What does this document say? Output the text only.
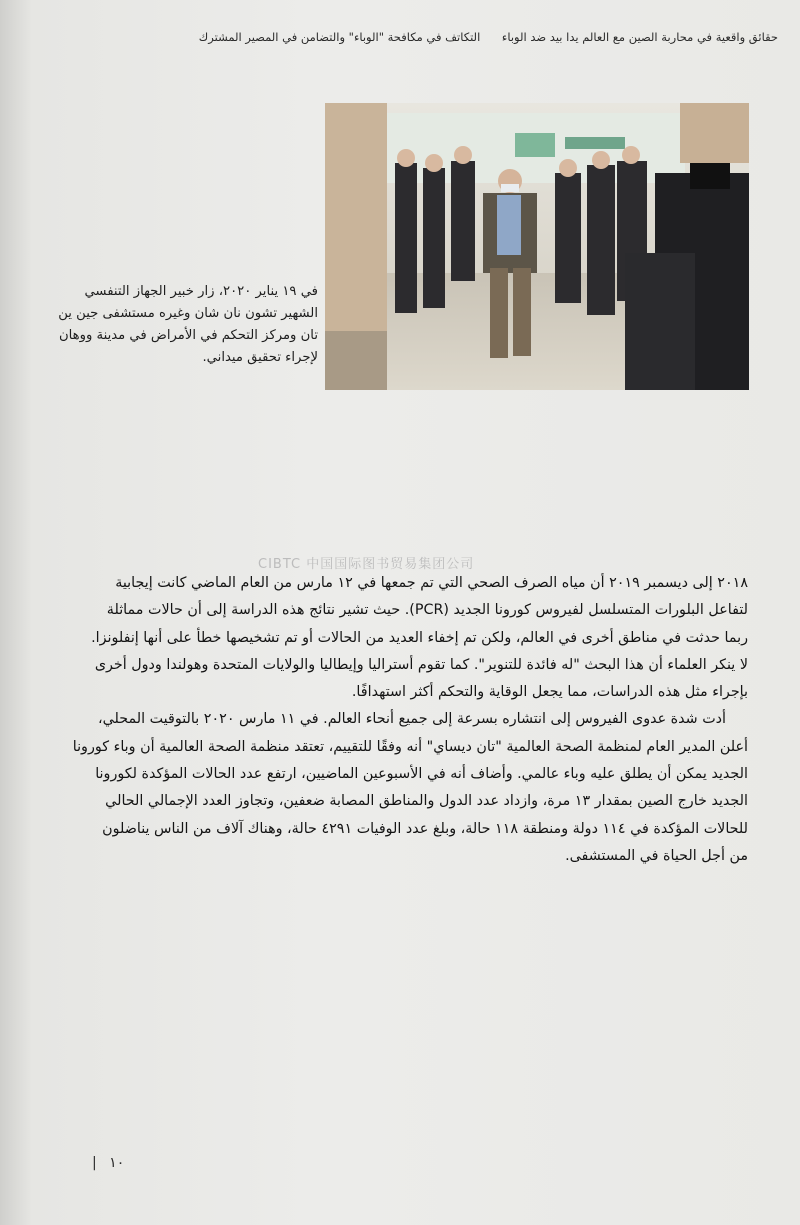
حقائق واقعية في محاربة الصين مع العالم يدا بيد ضد الوباء التكاتف في مكافحة "الوباء" والتضامن في المصير المشترك

في ١٩ يناير ٢٠٢٠، زار خبير الجهاز التنفسي

الشهير تشون نان شان وغيره مستشفى جين ين

تان ومركز التحكم في الأمراض في مدينة ووهان

لإجراء تحقيق ميداني.

CIBTC 中国国际图书贸易集团公司
٢٠١٨ إلى ديسمبر ٢٠١٩ أن مياه الصرف الصحي التي تم جمعها في ١٢ مارس من العام الماضي كانت إيجابية
لتفاعل البلورات المتسلسل لفيروس كورونا الجديد (PCR). حيث تشير نتائج هذه الدراسة إلى أن حالات مماثلة
ربما حدثت في مناطق أخرى في العالم، ولكن تم إخفاء العديد من الحالات أو تم تشخيصها خطأ على أنها إنفلونزا.
لا ينكر العلماء أن هذا البحث "له فائدة للتنوير". كما تقوم أستراليا وإيطاليا والولايات المتحدة وهولندا ودول أخرى
بإجراء مثل هذه الدراسات، مما يجعل الوقاية والتحكم أكثر استهدافًا.
أدت شدة عدوى الفيروس إلى انتشاره بسرعة إلى جميع أنحاء العالم. في ١١ مارس ٢٠٢٠ بالتوقيت المحلي،
أعلن المدير العام لمنظمة الصحة العالمية "تان ديساي" أنه وفقًا للتقييم، تعتقد منظمة الصحة العالمية أن وباء كورونا
الجديد يمكن أن يطلق عليه وباء عالمي. وأضاف أنه في الأسبوعين الماضيين، ارتفع عدد الحالات المؤكدة لكورونا
الجديد خارج الصين بمقدار ١٣ مرة، وازداد عدد الدول والمناطق المصابة ضعفين، وتجاوز العدد الإجمالي الحالي
للحالات المؤكدة في ١١٤ دولة ومنطقة ١١٨ حالة، وبلغ عدد الوفيات ٤٢٩١ حالة، وهناك آلاف من الناس يناضلون
من أجل الحياة في المستشفى.
١٠ |
